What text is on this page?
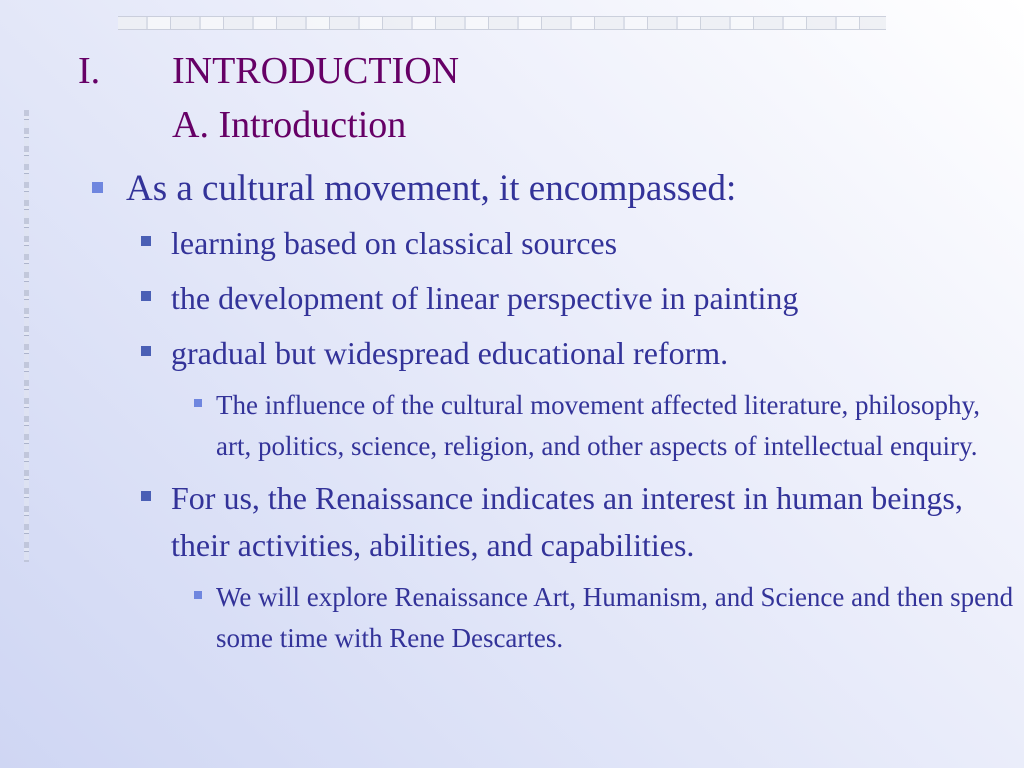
I.	INTRODUCTION
A. Introduction
As a cultural movement, it encompassed:
learning based on classical sources
the development of linear perspective in painting
gradual but widespread educational reform.
The influence of the cultural movement affected literature, philosophy, art, politics, science, religion, and other aspects of intellectual enquiry.
For us, the Renaissance indicates an interest in human beings, their activities, abilities, and capabilities.
We will explore Renaissance Art, Humanism, and Science and then spend some time with Rene Descartes.
